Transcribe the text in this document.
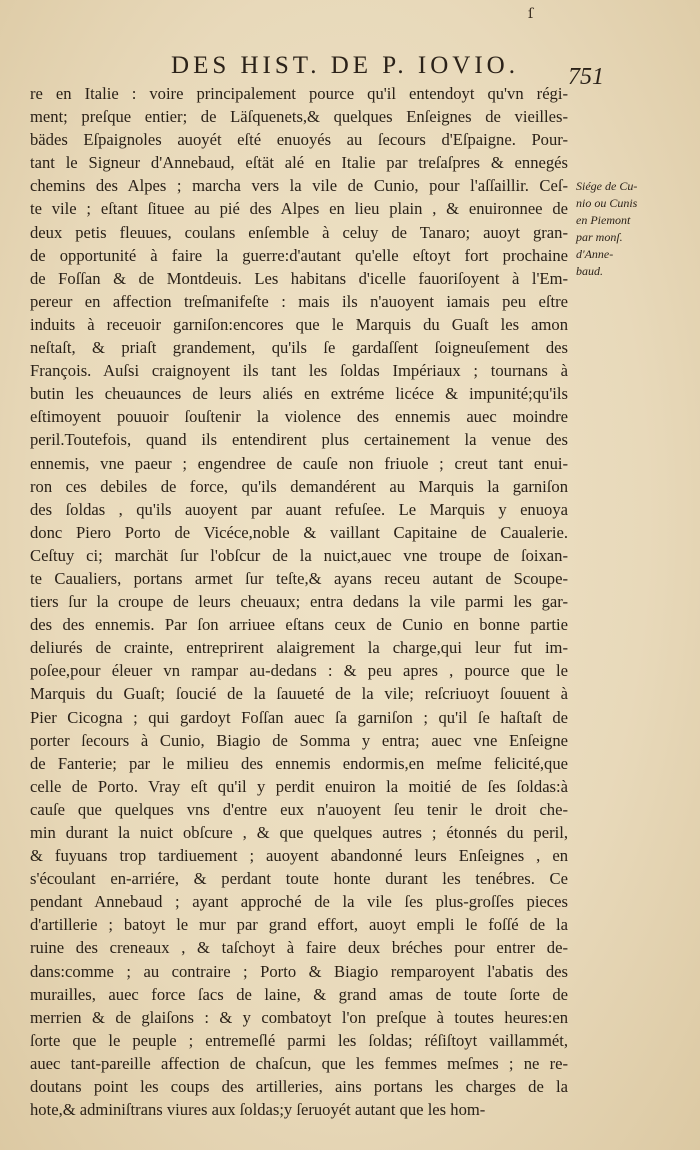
ſ
DES HIST. DE P. IOVIO.	751
re en Italie : voire principalement pource qu'il entendoyt qu'vn régi-
ment; preſque entier; de Läſquenets,& quelques Enſeignes de vieilles-
bädes Eſpaignoles auoyét eſté enuoyés au ſecours d'Eſpaigne. Pour-
tant le Signeur d'Annebaud, eſtät alé en Italie par treſaſpres & ennegés
chemins des Alpes ; marcha vers la vile de Cunio, pour l'aſſaillir. Ceſ-
te vile ; eſtant ſituee au pié des Alpes en lieu plain , & enuironnee de
deux petis fleuues, coulans enſemble à celuy de Tanaro; auoyt gran-
de opportunité à faire la guerre:d'autant qu'elle eſtoyt fort prochaine
de Foſſan & de Montdeuis. Les habitans d'icelle fauoriſoyent à l'Em-
pereur en affection treſmanifeſte : mais ils n'auoyent iamais peu eſtre
induits à receuoir garniſon:encores que le Marquis du Guaſt les amon
neſtaſt, & priaſt grandement, qu'ils ſe gardaſſent ſoigneuſement des
François. Auſsi craignoyent ils tant les ſoldas Impériaux ; tournans à
butin les cheuaunces de leurs aliés en extréme licéce & impunité;qu'ils
eſtimoyent pouuoir ſouſtenir la violence des ennemis auec moindre
peril.Toutefois, quand ils entendirent plus certainement la venue des
ennemis, vne paeur ; engendree de cauſe non friuole ; creut tant enui-
ron ces debiles de force, qu'ils demandérent au Marquis la garniſon
des ſoldas , qu'ils auoyent par auant refuſee. Le Marquis y enuoya
donc Piero Porto de Vicéce,noble & vaillant Capitaine de Caualerie.
Ceſtuy ci; marchät ſur l'obſcur de la nuict,auec vne troupe de ſoixan-
te Caualiers, portans armet ſur teſte,& ayans receu autant de Scoupe-
tiers ſur la croupe de leurs cheuaux; entra dedans la vile parmi les gar-
des des ennemis. Par ſon arriuee eſtans ceux de Cunio en bonne partie
deliurés de crainte, entreprirent alaigrement la charge,qui leur fut im-
poſee,pour éleuer vn rampar au-dedans : & peu apres , pource que le
Marquis du Guaſt; ſoucié de la ſauueté de la vile; reſcriuoyt ſouuent à
Pier Cicogna ; qui gardoyt Foſſan auec ſa garniſon ; qu'il ſe haſtaſt de
porter ſecours à Cunio, Biagio de Somma y entra; auec vne Enſeigne
de Fanterie; par le milieu des ennemis endormis,en meſme felicité,que
celle de Porto. Vray eſt qu'il y perdit enuiron la moitié de ſes ſoldas:à
cauſe que quelques vns d'entre eux n'auoyent ſeu tenir le droit che-
min durant la nuict obſcure , & que quelques autres ; étonnés du peril,
& fuyuans trop tardiuement ; auoyent abandonné leurs Enſeignes , en
s'écoulant en-arriére, & perdant toute honte durant les tenébres. Ce
pendant Annebaud ; ayant approché de la vile ſes plus-groſſes pieces
d'artillerie ; batoyt le mur par grand effort, auoyt empli le foſſé de la
ruine des creneaux , & taſchoyt à faire deux bréches pour entrer de-
dans:comme ; au contraire ; Porto & Biagio remparoyent l'abatis des
murailles, auec force ſacs de laine, & grand amas de toute ſorte de
merrien & de glaiſons : & y combatoyt l'on preſque à toutes heures:en
ſorte que le peuple ; entremeſlé parmi les ſoldas; réſiſtoyt vaillammét,
auec tant-pareille affection de chaſcun, que les femmes meſmes ; ne re-
doutans point les coups des artilleries, ains portans les charges de la
hote,& adminiſtrans viures aux ſoldas;y ſeruoyét autant que les hom-
Siége de Cu-
nio ou Cunis
en Piemont
par monſ.
d'Anne-
baud.
